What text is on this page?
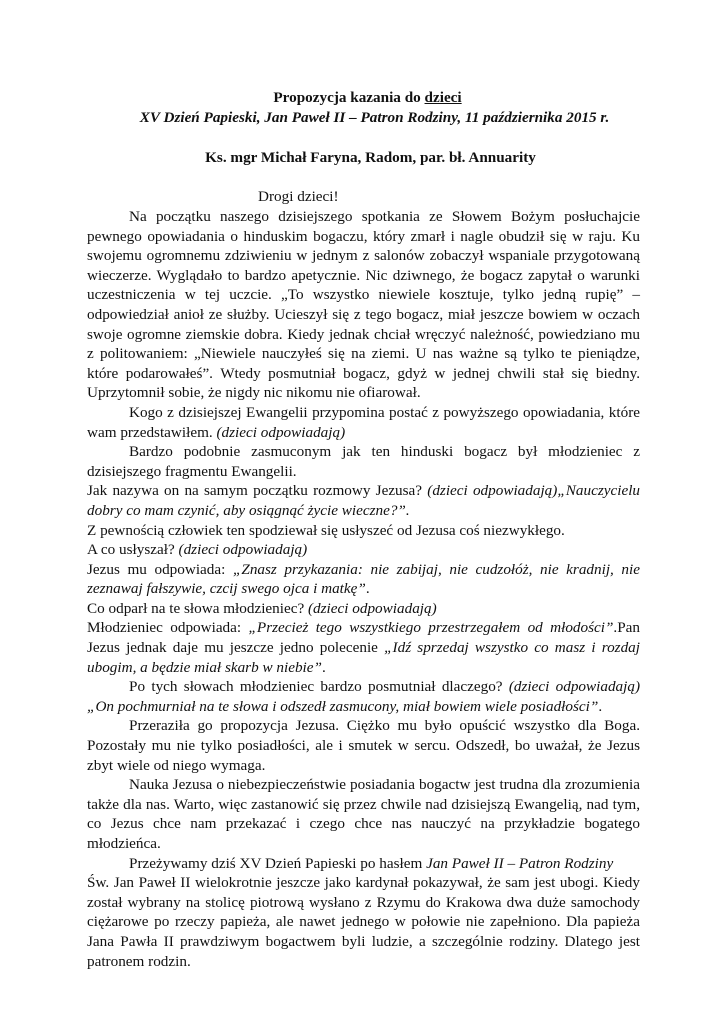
Propozycja kazania do dzieci
XV Dzień Papieski, Jan Paweł II – Patron Rodziny, 11 października 2015 r.
Ks. mgr Michał Faryna, Radom, par. bł. Annuarity
Drogi dzieci!

Na początku naszego dzisiejszego spotkania ze Słowem Bożym posłuchajcie pewnego opowiadania o hinduskim bogaczu, który zmarł i nagle obudził się w raju. Ku swojemu ogromnemu zdziwieniu w jednym z salonów zobaczył wspaniale przygotowaną wieczerze. Wyglądało to bardzo apetycznie. Nic dziwnego, że bogacz zapytał o warunki uczestniczenia w tej uczcie. „To wszystko niewiele kosztuje, tylko jedną rupię” – odpowiedział anioł ze służby. Ucieszył się z tego bogacz, miał jeszcze bowiem w oczach swoje ogromne ziemskie dobra. Kiedy jednak chciał wręczyć należność, powiedziano mu z politowaniem: „Niewiele nauczyłeś się na ziemi. U nas ważne są tylko te pieniądze, które podarowałeś”. Wtedy posmutniał bogacz, gdyż w jednej chwili stał się biedny. Uprzytomnił sobie, że nigdy nic nikomu nie ofiarował.

Kogo z dzisiejszej Ewangelii przypomina postać z powyższego opowiadania, które wam przedstawiłem. (dzieci odpowiadają)

Bardzo podobnie zasmuconym jak ten hinduski bogacz był młodzieniec z dzisiejszego fragmentu Ewangelii.

Jak nazywa on na samym początku rozmowy Jezusa? (dzieci odpowiadają)„Nauczycielu dobry co mam czynić, aby osiągnąć życie wieczne?”.

Z pewnością człowiek ten spodziewał się usłyszeć od Jezusa coś niezwykłego.

A co usłyszał? (dzieci odpowiadają)

Jezus mu odpowiada: „Znasz przykazania: nie zabijaj, nie cudzołóż, nie kradnij, nie zeznawaj fałszywie, czcij swego ojca i matkę”.

Co odparł na te słowa młodzieniec? (dzieci odpowiadają)

Młodzieniec odpowiada: „Przecież tego wszystkiego przestrzegałem od młodości”.Pan Jezus jednak daje mu jeszcze jedno polecenie „Idź sprzedaj wszystko co masz i rozdaj ubogim, a będzie miał skarb w niebie”.

Po tych słowach młodzieniec bardzo posmutniał dlaczego? (dzieci odpowiadają)„On pochmurniał na te słowa i odszedł zasmucony, miał bowiem wiele posiadłości”.

Przeraziła go propozycja Jezusa. Ciężko mu było opuścić wszystko dla Boga. Pozostały mu nie tylko posiadłości, ale i smutek w sercu. Odszedł, bo uważał, że Jezus zbyt wiele od niego wymaga.

Nauka Jezusa o niebezpieczeństwie posiadania bogactw jest trudna dla zrozumienia także dla nas. Warto, więc zastanowić się przez chwile nad dzisiejszą Ewangelią, nad tym, co Jezus chce nam przekazać i czego chce nas nauczyć na przykładzie bogatego młodzieńca.

Przeżywamy dziś XV Dzień Papieski po hasłem Jan Paweł II – Patron Rodziny

Św. Jan Paweł II wielokrotnie jeszcze jako kardynał pokazywał, że sam jest ubogi. Kiedy został wybrany na stolicę piotrową wysłano z Rzymu do Krakowa dwa duże samochody ciężarowe po rzeczy papieża, ale nawet jednego w połowie nie zapełniono. Dla papieża Jana Pawła II prawdziwym bogactwem byli ludzie, a szczególnie rodziny. Dlatego jest patronem rodzin.
